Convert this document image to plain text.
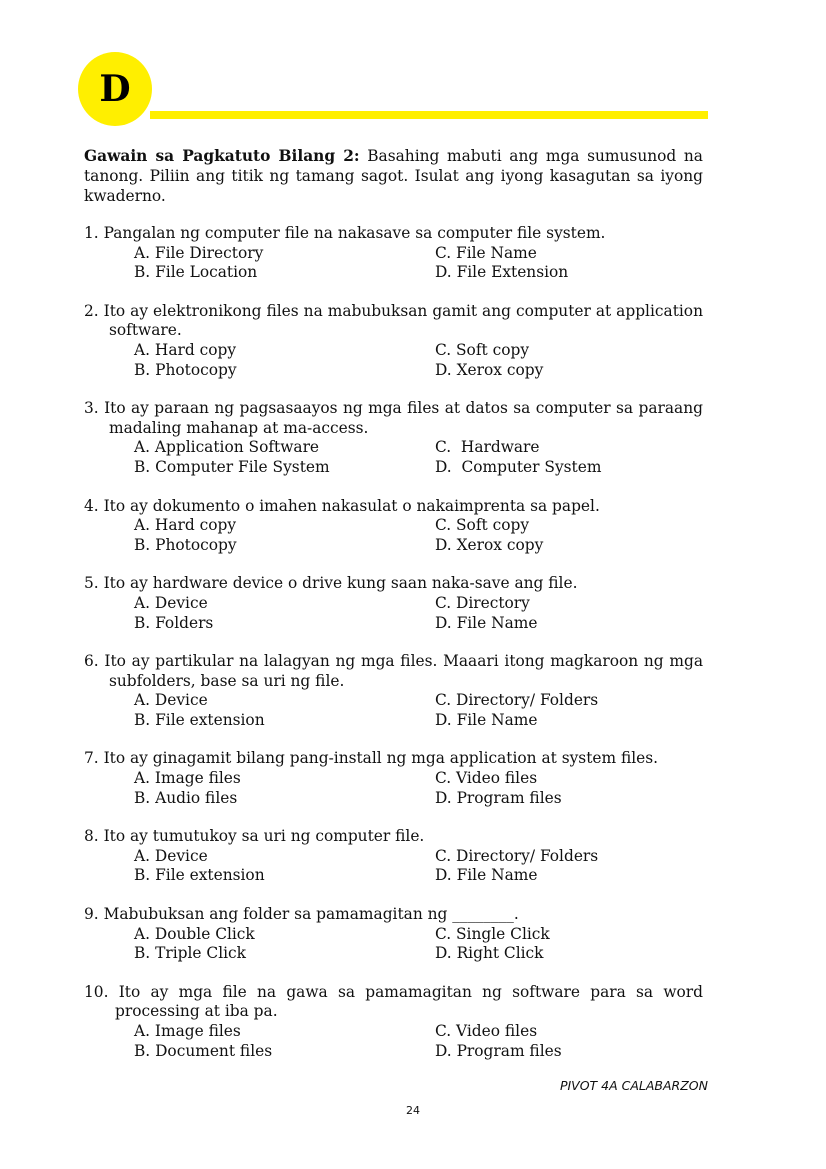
D
Gawain sa Pagkatuto Bilang 2: Basahing mabuti ang mga sumusunod na tanong. Piliin ang titik ng tamang sagot. Isulat ang iyong kasagutan sa iyong kwaderno.
1. Pangalan ng computer file na nakasave sa computer file system.
A. File Directory	C. File Name
B. File Location	D. File Extension
2. Ito ay elektronikong files na mabubuksan gamit ang computer at application software.
A. Hard copy	C. Soft copy
B. Photocopy	D. Xerox copy
3. Ito ay paraan ng pagsasaayos ng mga files at datos sa computer sa paraang madaling mahanap at ma-access.
A. Application Software	C.  Hardware
B. Computer File System	D.  Computer System
4. Ito ay dokumento o imahen nakasulat o nakaimprenta sa papel.
A. Hard copy	C. Soft copy
B. Photocopy	D. Xerox copy
5. Ito ay hardware device o drive kung saan naka-save ang file.
A. Device	C. Directory
B. Folders	D. File Name
6. Ito ay partikular na lalagyan ng mga files. Maaari itong magkaroon ng mga subfolders, base sa uri ng file.
A. Device	C. Directory/ Folders
B. File extension	D. File Name
7. Ito ay ginagamit bilang pang-install ng mga application at system files.
A. Image files	C. Video files
B. Audio files	D. Program files
8. Ito ay tumutukoy sa uri ng computer file.
A. Device	C. Directory/ Folders
B. File extension	D. File Name
9. Mabubuksan ang folder sa pamamagitan ng ________.
A. Double Click	C. Single Click
B. Triple Click	D. Right Click
10. Ito ay mga file na gawa sa pamamagitan ng software para sa word processing at iba pa.
A. Image files	C. Video files
B. Document files	D. Program files
PIVOT 4A CALABARZON
24
